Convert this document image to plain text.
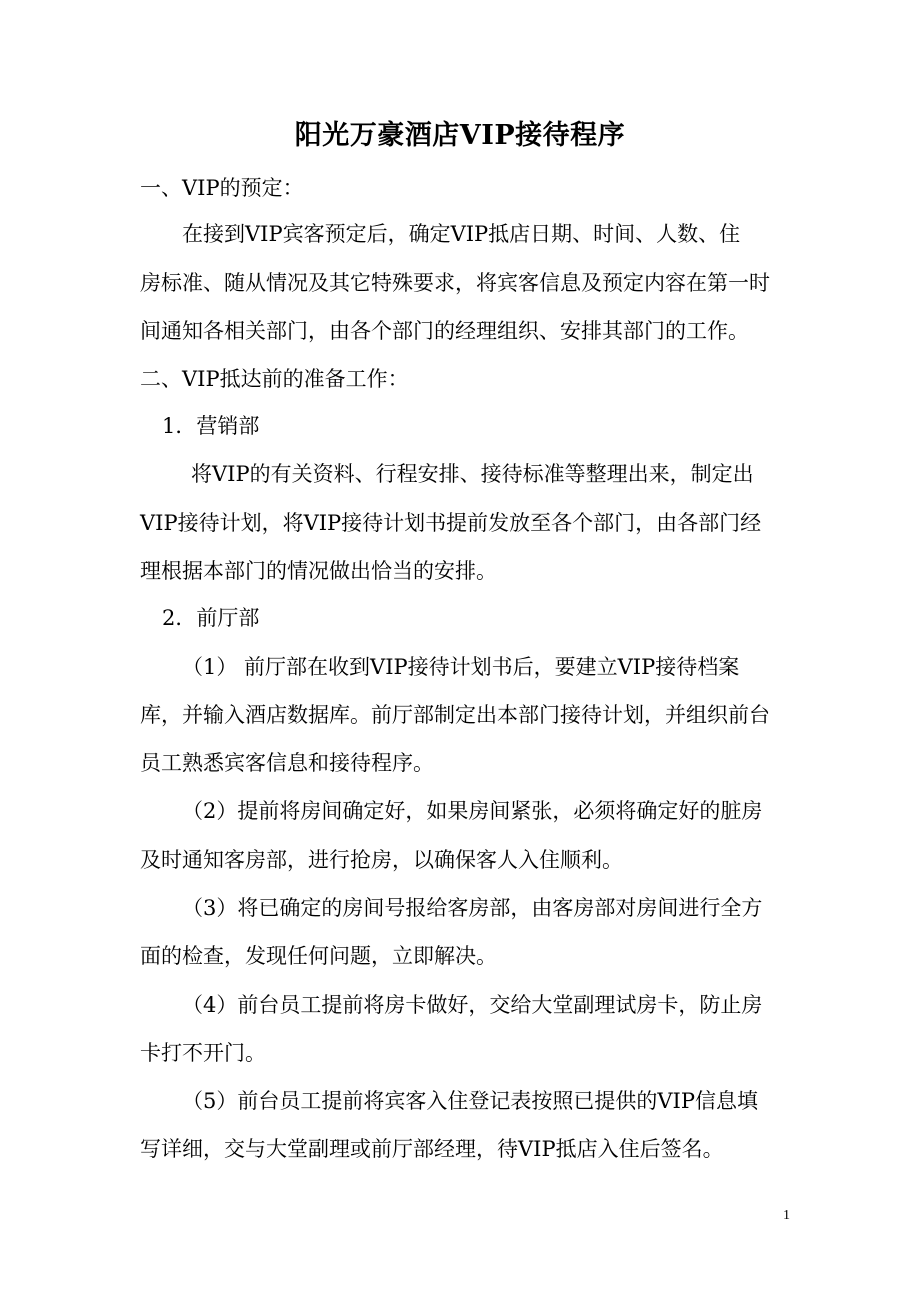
阳光万豪酒店VIP接待程序
一、VIP的预定：
在接到VIP宾客预定后，确定VIP抵店日期、时间、人数、住
房标准、随从情况及其它特殊要求，将宾客信息及预定内容在第一时
间通知各相关部门，由各个部门的经理组织、安排其部门的工作。
二、VIP抵达前的准备工作：
1．营销部
将VIP的有关资料、行程安排、接待标准等整理出来，制定出
VIP接待计划，将VIP接待计划书提前发放至各个部门，由各部门经
理根据本部门的情况做出恰当的安排。
2．前厅部
（1） 前厅部在收到VIP接待计划书后，要建立VIP接待档案
库，并输入酒店数据库。前厅部制定出本部门接待计划，并组织前台
员工熟悉宾客信息和接待程序。
（2）提前将房间确定好，如果房间紧张，必须将确定好的脏房
及时通知客房部，进行抢房，以确保客人入住顺利。
（3）将已确定的房间号报给客房部，由客房部对房间进行全方
面的检查，发现任何问题，立即解决。
（4）前台员工提前将房卡做好，交给大堂副理试房卡，防止房
卡打不开门。
（5）前台员工提前将宾客入住登记表按照已提供的VIP信息填
写详细，交与大堂副理或前厅部经理，待VIP抵店入住后签名。
1
